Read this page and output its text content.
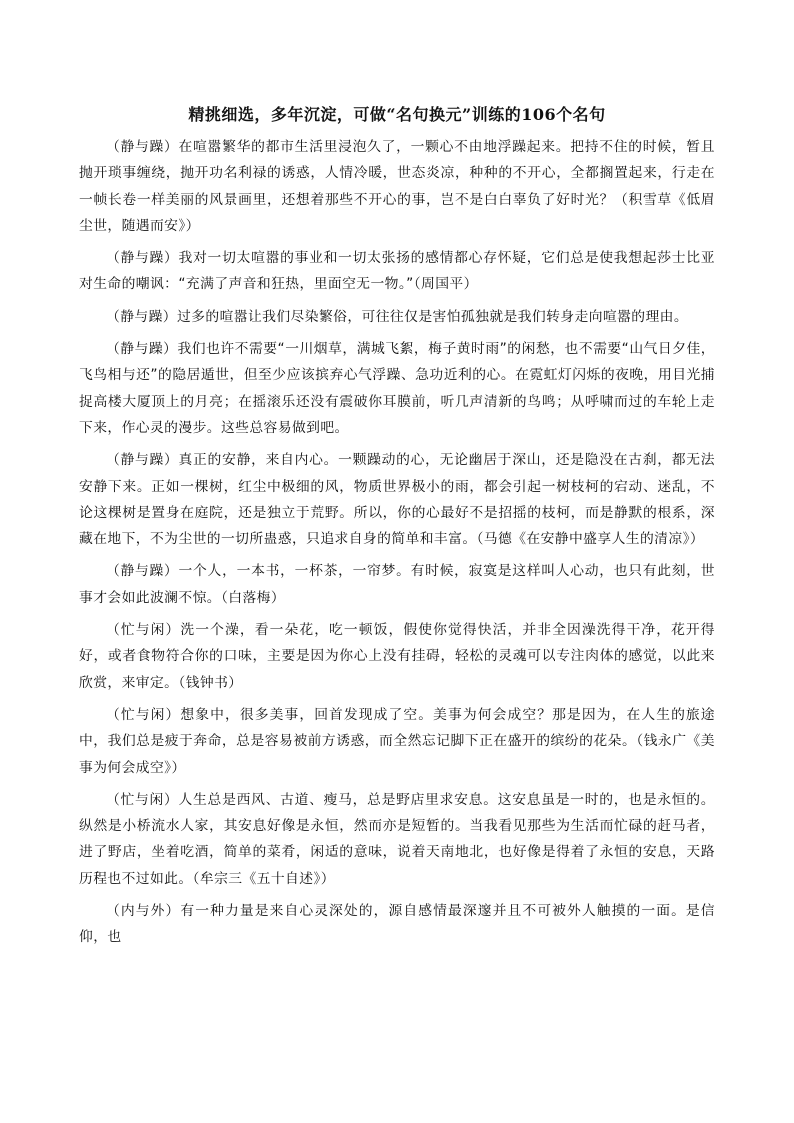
精挑细选，多年沉淀，可做“名句换元”训练的106个名句

（静与躁）在喧嚣繁华的都市生活里浸泡久了，一颗心不由地浮躁起来。把持不住的时候，暂且抛开琐事缠绕，抛开功名利禄的诱惑，人情冷暖，世态炎凉，种种的不开心，全都搁置起来，行走在一帧长卷一样美丽的风景画里，还想着那些不开心的事，岂不是白白辜负了好时光？（积雪草《低眉尘世，随遇而安》）

（静与躁）我对一切太喧嚣的事业和一切太张扬的感情都心存怀疑，它们总是使我想起莎士比亚对生命的嘲讽：“充满了声音和狂热，里面空无一物。”（周国平）

（静与躁）过多的喧嚣让我们尽染繁俗，可往往仅是害怕孤独就是我们转身走向喧嚣的理由。

（静与躁）我们也许不需要“一川烟草，满城飞絮，梅子黄时雨”的闲愁，也不需要“山气日夕佳，飞鸟相与还”的隐居遁世，但至少应该摈弃心气浮躁、急功近利的心。在霓虹灯闪烁的夜晚，用目光捕捉高楼大厦顶上的月亮；在摇滚乐还没有震破你耳膜前，听几声清新的鸟鸣；从呼啸而过的车轮上走下来，作心灵的漫步。这些总容易做到吧。

（静与躁）真正的安静，来自内心。一颗躁动的心，无论幽居于深山，还是隐没在古刹，都无法安静下来。正如一棵树，红尘中极细的风，物质世界极小的雨，都会引起一树枝柯的宕动、迷乱，不论这棵树是置身在庭院，还是独立于荒野。所以，你的心最好不是招摇的枝柯，而是静默的根系，深藏在地下，不为尘世的一切所蛊惑，只追求自身的简单和丰富。（马德《在安静中盛享人生的清凉》）

（静与躁）一个人，一本书，一杯茶，一帘梦。有时候，寂寞是这样叫人心动，也只有此刻，世事才会如此波澜不惊。（白落梅）

（忙与闲）洗一个澡，看一朵花，吃一顿饭，假使你觉得快活，并非全因澡洗得干净，花开得好，或者食物符合你的口味，主要是因为你心上没有挂碍，轻松的灵魂可以专注肉体的感觉，以此来欣赏，来审定。（钱钟书）

（忙与闲）想象中，很多美事，回首发现成了空。美事为何会成空？那是因为，在人生的旅途中，我们总是疲于奔命，总是容易被前方诱惑，而全然忘记脚下正在盛开的缤纷的花朵。（钱永广《美事为何会成空》）

（忙与闲）人生总是西风、古道、瘦马，总是野店里求安息。这安息虽是一时的，也是永恒的。纵然是小桥流水人家，其安息好像是永恒，然而亦是短暂的。当我看见那些为生活而忙碌的赶马者，进了野店，坐着吃酒，简单的菜肴，闲适的意味，说着天南地北，也好像是得着了永恒的安息，天路历程也不过如此。（牟宗三《五十自述》）

（内与外）有一种力量是来自心灵深处的，源自感情最深邃并且不可被外人触摸的一面。是信仰，也
